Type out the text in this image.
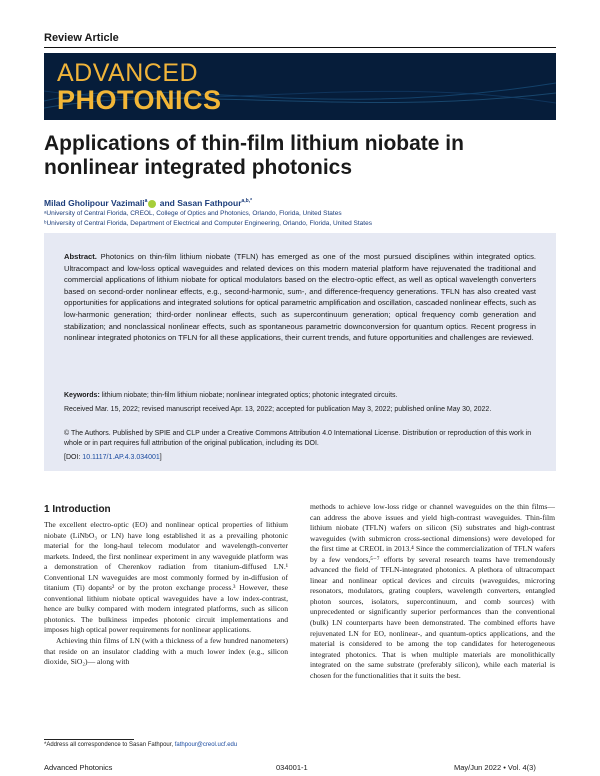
Review Article
ADVANCED
PHOTONICS
Applications of thin-film lithium niobate in nonlinear integrated photonics
Milad Gholipour Vazimali$^a$ and Sasan Fathpour$^{a,b,*}$
ᵃUniversity of Central Florida, CREOL, College of Optics and Photonics, Orlando, Florida, United States
ᵇUniversity of Central Florida, Department of Electrical and Computer Engineering, Orlando, Florida, United States
Abstract. Photonics on thin-film lithium niobate (TFLN) has emerged as one of the most pursued disciplines within integrated optics. Ultracompact and low-loss optical waveguides and related devices on this modern material platform have rejuvenated the traditional and commercial applications of lithium niobate for optical modulators based on the electro-optic effect, as well as optical wavelength converters based on second-order nonlinear effects, e.g., second-harmonic, sum-, and difference-frequency generations. TFLN has also created vast opportunities for applications and integrated solutions for optical parametric amplification and oscillation, cascaded nonlinear effects, such as low-harmonic generation; third-order nonlinear effects, such as supercontinuum generation; optical frequency comb generation and stabilization; and nonclassical nonlinear effects, such as spontaneous parametric downconversion for quantum optics. Recent progress in nonlinear integrated photonics on TFLN for all these applications, their current trends, and future opportunities and challenges are reviewed.
Keywords: lithium niobate; thin-film lithium niobate; nonlinear integrated optics; photonic integrated circuits.
Received Mar. 15, 2022; revised manuscript received Apr. 13, 2022; accepted for publication May 3, 2022; published online May 30, 2022.
© The Authors. Published by SPIE and CLP under a Creative Commons Attribution 4.0 International License. Distribution or reproduction of this work in whole or in part requires full attribution of the original publication, including its DOI.
[DOI: 10.1117/1.AP.4.3.034001]
1 Introduction
The excellent electro-optic (EO) and nonlinear optical properties of lithium niobate (LiNbO₃ or LN) have long established it as a prevailing photonic material for the long-haul telecom modulator and wavelength-converter markets. Indeed, the first nonlinear experiment in any waveguide platform was a demonstration of Cherenkov radiation from titanium-diffused LN.¹ Conventional LN waveguides are most commonly formed by in-diffusion of titanium (Ti) dopants² or by the proton exchange process.³ However, these conventional lithium niobate optical waveguides have a low index-contrast, hence are bulky compared with modern integrated platforms, such as silicon photonics. The bulkiness impedes photonic circuit implementations and imposes high optical power requirements for nonlinear applications.
Achieving thin films of LN (with a thickness of a few hundred nanometers) that reside on an insulator cladding with a much lower index (e.g., silicon dioxide, SiO₂)— along with
methods to achieve low-loss ridge or channel waveguides on the thin films—can address the above issues and yield high-contrast waveguides. Thin-film lithium niobate (TFLN) wafers on silicon (Si) substrates and high-contrast waveguides (with submicron cross-sectional dimensions) were developed for the first time at CREOL in 2013.⁴ Since the commercialization of TFLN wafers by a few vendors,⁵⁻⁷ efforts by several research teams have tremendously advanced the field of TFLN-integrated photonics. A plethora of ultracompact linear and nonlinear optical devices and circuits (waveguides, microring resonators, modulators, grating couplers, wavelength converters, entangled photon sources, isolators, supercontinuum, and comb sources) with unprecedented or significantly superior performances than the conventional (bulk) LN counterparts have been demonstrated. The combined efforts have rejuvenated LN for EO, nonlinear-, and quantum-optics applications, and the material is considered to be among the top candidates for heterogeneous integrated photonics. That is when multiple materials are monolithically integrated on the same substrate (preferably silicon), while each material is chosen for the functionalities that it suits the best.
*Address all correspondence to Sasan Fathpour, fathpour@creol.ucf.edu
Advanced Photonics	034001-1	May/Jun 2022 • Vol. 4(3)
